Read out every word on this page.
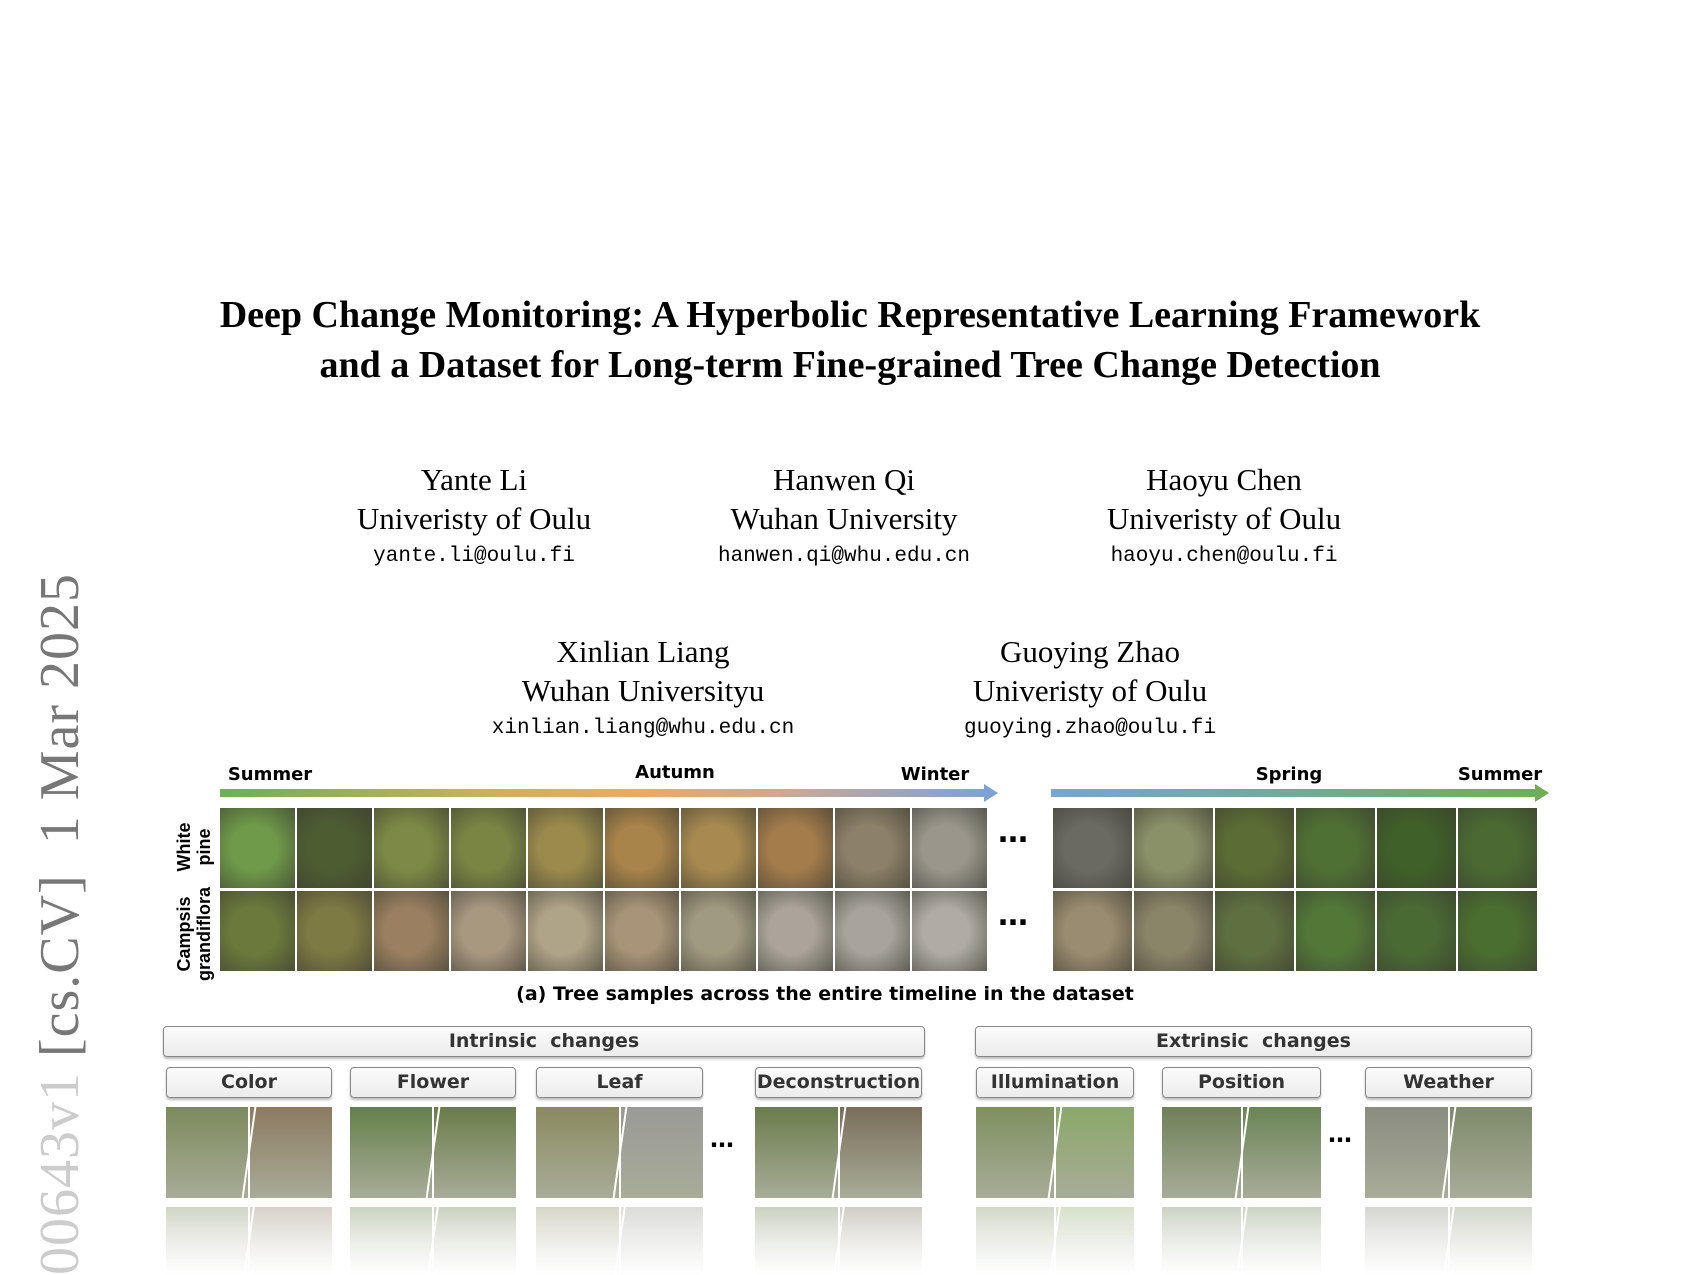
Deep Change Monitoring: A Hyperbolic Representative Learning Framework
and a Dataset for Long-term Fine-grained Tree Change Detection
Yante Li
Univeristy of Oulu
yante.li@oulu.fi
Hanwen Qi
Wuhan University
hanwen.qi@whu.edu.cn
Haoyu Chen
Univeristy of Oulu
haoyu.chen@oulu.fi
Xinlian Liang
Wuhan Universityu
xinlian.liang@whu.edu.cn
Guoying Zhao
Univeristy of Oulu
guoying.zhao@oulu.fi
00643v1 [cs.CV]  1 Mar 2025	Summer	Autumn	Winter	Spring	Summer
White pine
Campsis grandiflora
…
…
(a) Tree samples across the entire timeline in the dataset
Intrinsic  changes	Extrinsic  changes
Color	Flower	Leaf	Deconstruction	Illumination	Position	Weather
…	…
